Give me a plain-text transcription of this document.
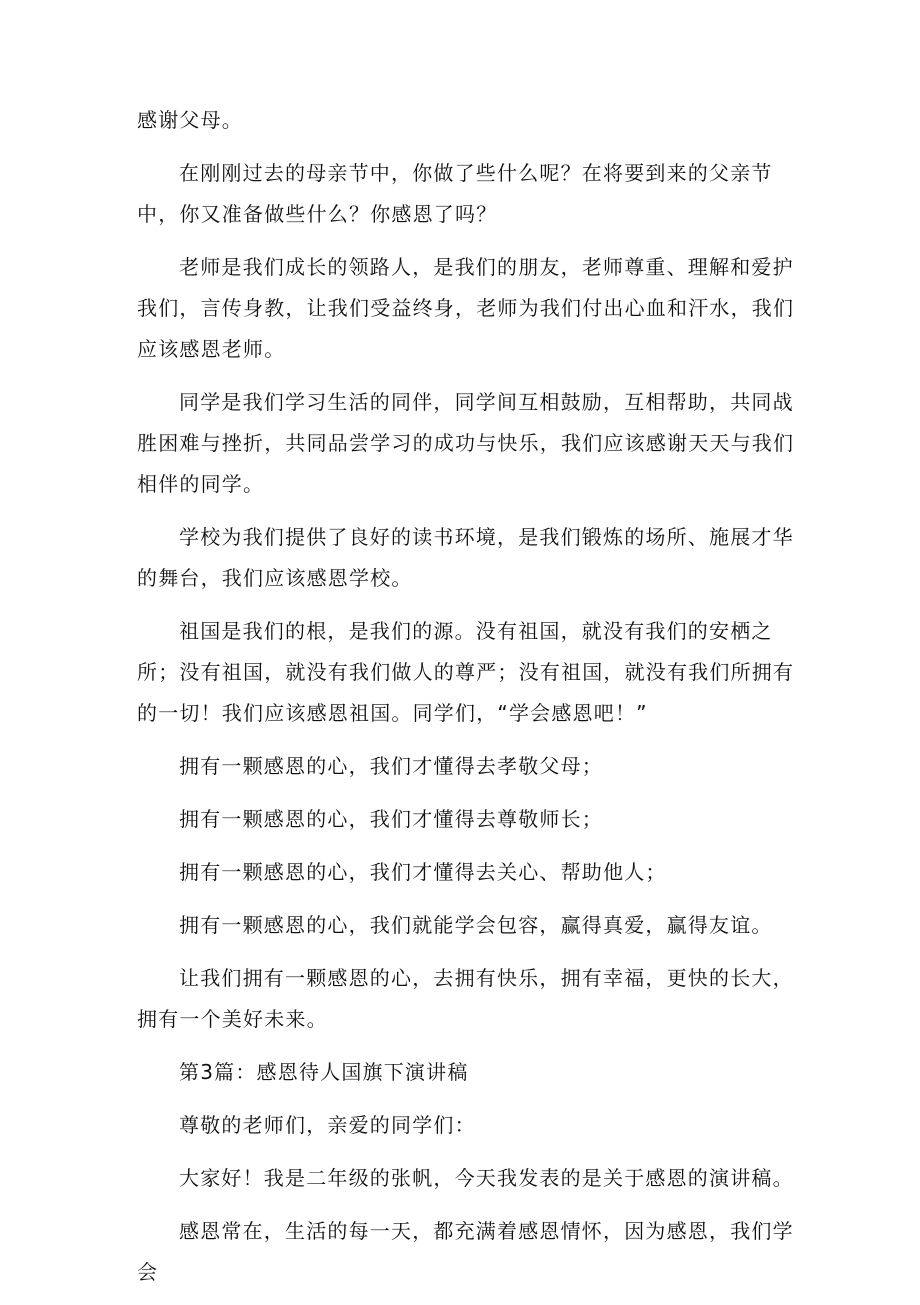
感谢父母。

在刚刚过去的母亲节中，你做了些什么呢？在将要到来的父亲节中，你又准备做些什么？你感恩了吗？

老师是我们成长的领路人，是我们的朋友，老师尊重、理解和爱护我们，言传身教，让我们受益终身，老师为我们付出心血和汗水，我们应该感恩老师。

同学是我们学习生活的同伴，同学间互相鼓励，互相帮助，共同战胜困难与挫折，共同品尝学习的成功与快乐，我们应该感谢天天与我们相伴的同学。

学校为我们提供了良好的读书环境，是我们锻炼的场所、施展才华的舞台，我们应该感恩学校。

祖国是我们的根，是我们的源。没有祖国，就没有我们的安栖之所；没有祖国，就没有我们做人的尊严；没有祖国，就没有我们所拥有的一切！我们应该感恩祖国。同学们，“学会感恩吧！”

拥有一颗感恩的心，我们才懂得去孝敬父母；

拥有一颗感恩的心，我们才懂得去尊敬师长；

拥有一颗感恩的心，我们才懂得去关心、帮助他人；

拥有一颗感恩的心，我们就能学会包容，赢得真爱，赢得友谊。

让我们拥有一颗感恩的心，去拥有快乐，拥有幸福，更快的长大，拥有一个美好未来。

第3篇：感恩待人国旗下演讲稿

尊敬的老师们，亲爱的同学们：

大家好！我是二年级的张帆，今天我发表的是关于感恩的演讲稿。

感恩常在，生活的每一天，都充满着感恩情怀，因为感恩，我们学会
